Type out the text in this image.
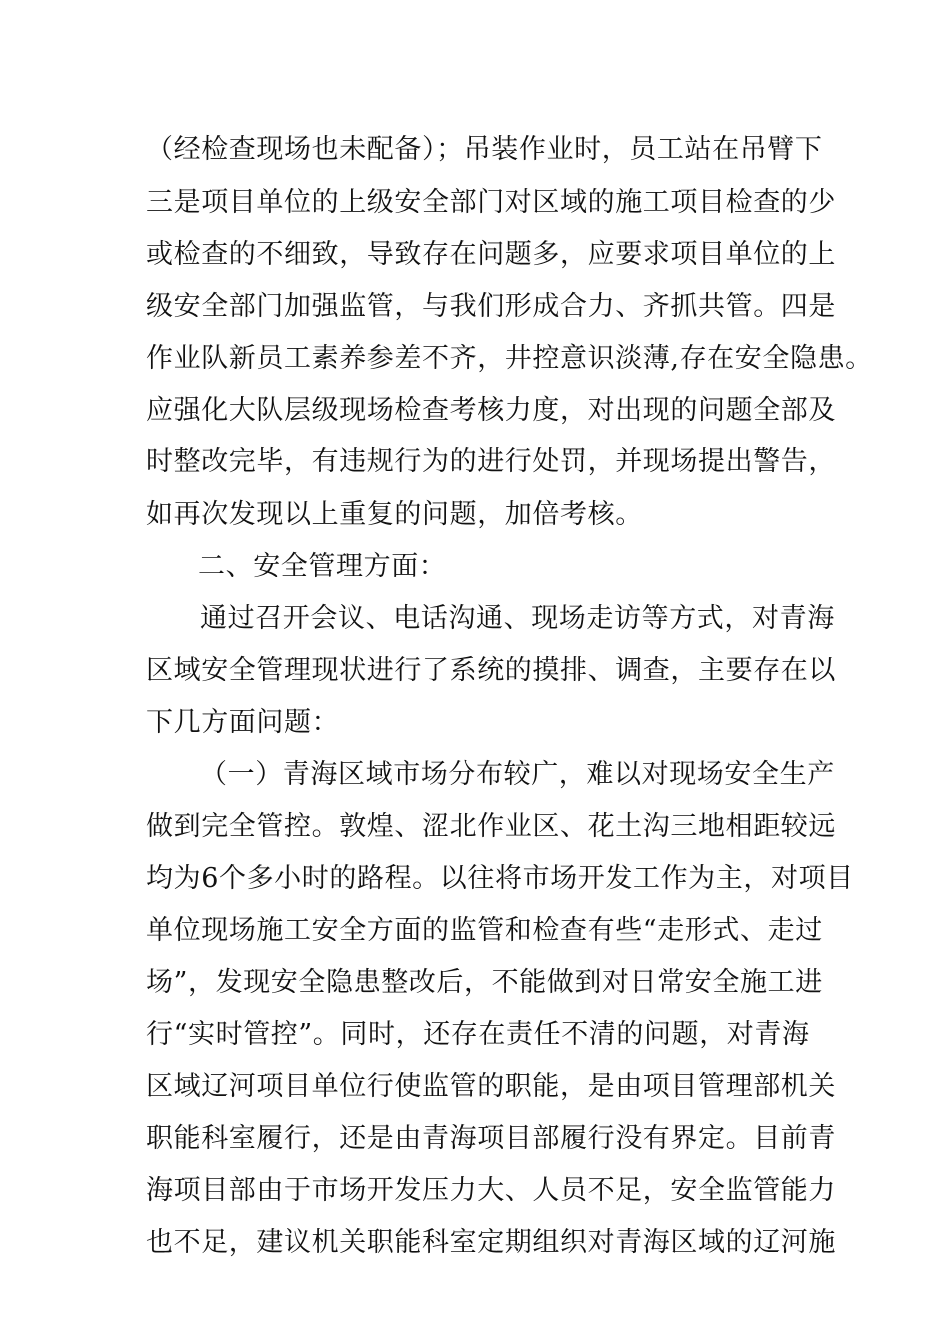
（经检查现场也未配备）；吊装作业时，员工站在吊臂下
三是项目单位的上级安全部门对区域的施工项目检查的少
或检查的不细致，导致存在问题多，应要求项目单位的上
级安全部门加强监管，与我们形成合力、齐抓共管。四是
作业队新员工素养参差不齐，井控意识淡薄,存在安全隐患。
应强化大队层级现场检查考核力度，对出现的问题全部及
时整改完毕，有违规行为的进行处罚，并现场提出警告，
如再次发现以上重复的问题，加倍考核。
二、安全管理方面：
通过召开会议、电话沟通、现场走访等方式，对青海
区域安全管理现状进行了系统的摸排、调查，主要存在以
下几方面问题：
（一）青海区域市场分布较广，难以对现场安全生产
做到完全管控。敦煌、涩北作业区、花土沟三地相距较远
均为6个多小时的路程。以往将市场开发工作为主，对项目
单位现场施工安全方面的监管和检查有些“走形式、走过
场”，发现安全隐患整改后，不能做到对日常安全施工进
行“实时管控”。同时，还存在责任不清的问题，对青海
区域辽河项目单位行使监管的职能，是由项目管理部机关
职能科室履行，还是由青海项目部履行没有界定。目前青
海项目部由于市场开发压力大、人员不足，安全监管能力
也不足，建议机关职能科室定期组织对青海区域的辽河施
